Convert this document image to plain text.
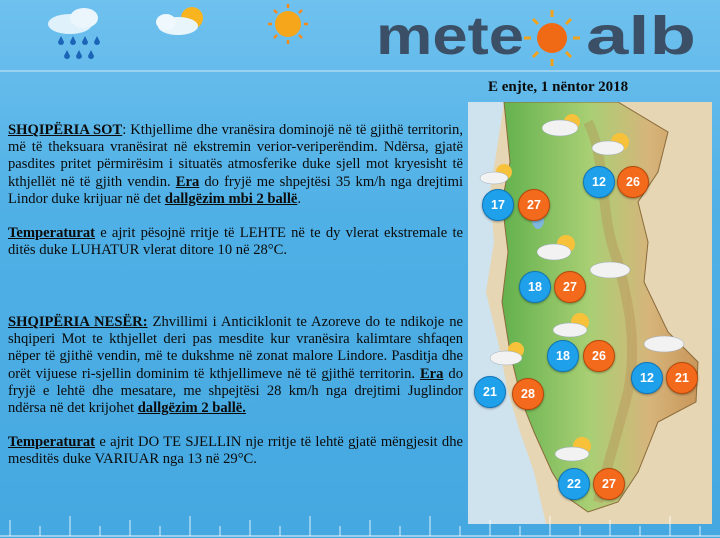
mete alb
E enjte, 1 nëntor 2018
SHQIPËRIA SOT: Kthjellime dhe vranësira dominojë në të gjithë territorin, më të theksuara vranësirat në ekstremin verior-veriperëndim. Ndërsa, gjatë pasdites pritet përmirësim i situatës atmosferike duke sjell mot kryesisht të kthjellët në të gjith vendin. Era do fryjë me shpejtësi 35 km/h nga drejtimi Lindor duke krijuar në det dallgëzim mbi 2 ballë.
Temperaturat e ajrit pësojnë rritje të LEHTE në te dy vlerat ekstremale te ditës duke LUHATUR vlerat ditore 10 në 28°C.
SHQIPËRIA NESËR: Zhvillimi i Anticiklonit te Azoreve do te ndikoje ne shqiperi Mot te kthjellet deri pas mesdite kur vranësira kalimtare shfaqen nëper të gjithë vendin, më te dukshme në zonat malore Lindore. Pasditja dhe orët vijuese ri-sjellin dominim të kthjellimeve në të gjithë territorin. Era do fryjë e lehtë dhe mesatare, me shpejtësi 28 km/h nga drejtimi Juglindor ndërsa në det krijohet dallgëzim 2 ballë.
Temperaturat e ajrit DO TE SJELLIN nje rritje të lehtë gjatë mëngjesit dhe mesditës duke VARIUAR nga 13 në 29°C.
12	26
17	27
18	27
18	26
21	28
12	21
22	27
